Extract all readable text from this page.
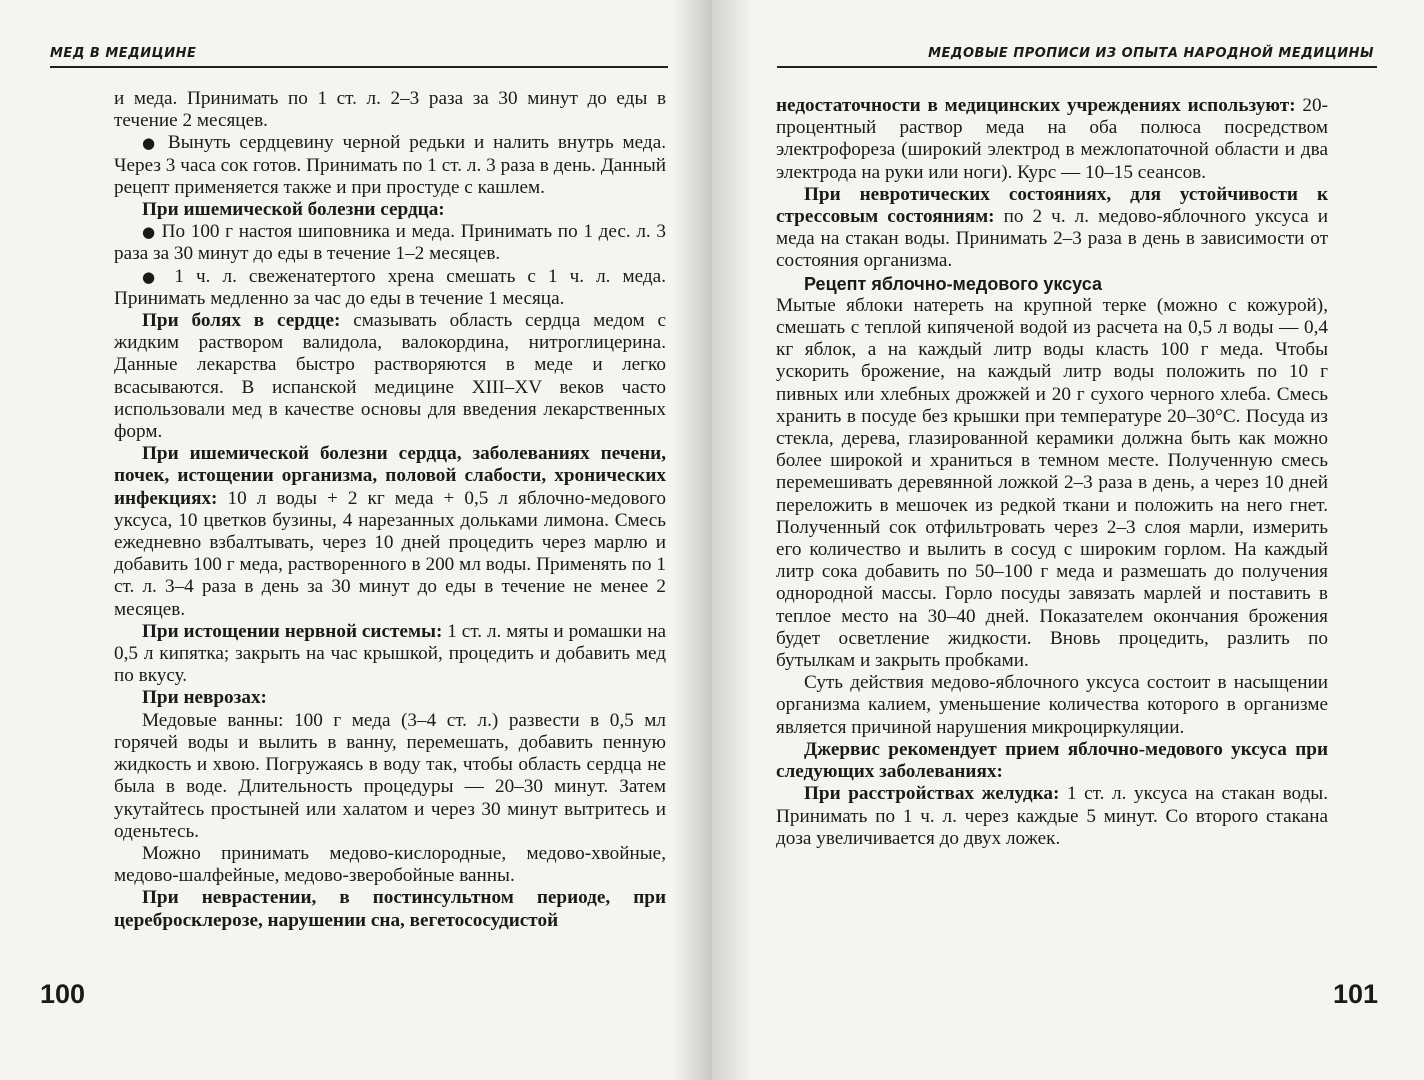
МЕД В МЕДИЦИНЕ

и меда. Принимать по 1 ст. л. 2–3 раза за 30 минут до еды в течение 2 месяцев.

● Вынуть сердцевину черной редьки и налить внутрь меда. Через 3 часа сок готов. Принимать по 1 ст. л. 3 раза в день. Данный рецепт применяется также и при простуде с кашлем.

При ишемической болезни сердца:

● По 100 г настоя шиповника и меда. Принимать по 1 дес. л. 3 раза за 30 минут до еды в течение 1–2 месяцев.

● 1 ч. л. свеженатертого хрена смешать с 1 ч. л. меда. Принимать медленно за час до еды в течение 1 месяца.

При болях в сердце: смазывать область сердца медом с жидким раствором валидола, валокордина, нитроглицерина. Данные лекарства быстро растворяются в меде и легко всасываются. В испанской медицине XIII–XV веков часто использовали мед в качестве основы для введения лекарственных форм.

При ишемической болезни сердца, заболеваниях печени, почек, истощении организма, половой слабости, хронических инфекциях: 10 л воды + 2 кг меда + 0,5 л яблочно-медового уксуса, 10 цветков бузины, 4 нарезанных дольками лимона. Смесь ежедневно взбалтывать, через 10 дней процедить через марлю и добавить 100 г меда, растворенного в 200 мл воды. Применять по 1 ст. л. 3–4 раза в день за 30 минут до еды в течение не менее 2 месяцев.

При истощении нервной системы: 1 ст. л. мяты и ромашки на 0,5 л кипятка; закрыть на час крышкой, процедить и добавить мед по вкусу.

При неврозах:

Медовые ванны: 100 г меда (3–4 ст. л.) развести в 0,5 мл горячей воды и вылить в ванну, перемешать, добавить пенную жидкость и хвою. Погружаясь в воду так, чтобы область сердца не была в воде. Длительность процедуры — 20–30 минут. Затем укутайтесь простыней или халатом и через 30 минут вытритесь и оденьтесь.

Можно принимать медово-кислородные, медово-хвойные, медово-шалфейные, медово-зверобойные ванны.

При неврастении, в постинсультном периоде, при церебросклерозе, нарушении сна, вегетососудистой

100
МЕДОВЫЕ ПРОПИСИ ИЗ ОПЫТА НАРОДНОЙ МЕДИЦИНЫ

недостаточности в медицинских учреждениях используют: 20-процентный раствор меда на оба полюса посредством электрофореза (широкий электрод в межлопаточной области и два электрода на руки или ноги). Курс — 10–15 сеансов.

При невротических состояниях, для устойчивости к стрессовым состояниям: по 2 ч. л. медово-яблочного уксуса и меда на стакан воды. Принимать 2–3 раза в день в зависимости от состояния организма.

Рецепт яблочно-медового уксуса

Мытые яблоки натереть на крупной терке (можно с кожурой), смешать с теплой кипяченой водой из расчета на 0,5 л воды — 0,4 кг яблок, а на каждый литр воды класть 100 г меда. Чтобы ускорить брожение, на каждый литр воды положить по 10 г пивных или хлебных дрожжей и 20 г сухого черного хлеба. Смесь хранить в посуде без крышки при температуре 20–30°С. Посуда из стекла, дерева, глазированной керамики должна быть как можно более широкой и храниться в темном месте. Полученную смесь перемешивать деревянной ложкой 2–3 раза в день, а через 10 дней переложить в мешочек из редкой ткани и положить на него гнет. Полученный сок отфильтровать через 2–3 слоя марли, измерить его количество и вылить в сосуд с широким горлом. На каждый литр сока добавить по 50–100 г меда и размешать до получения однородной массы. Горло посуды завязать марлей и поставить в теплое место на 30–40 дней. Показателем окончания брожения будет осветление жидкости. Вновь процедить, разлить по бутылкам и закрыть пробками.

Суть действия медово-яблочного уксуса состоит в насыщении организма калием, уменьшение количества которого в организме является причиной нарушения микроциркуляции.

Джервис рекомендует прием яблочно-медового уксуса при следующих заболеваниях:

При расстройствах желудка: 1 ст. л. уксуса на стакан воды. Принимать по 1 ч. л. через каждые 5 минут. Со второго стакана доза увеличивается до двух ложек.

101
